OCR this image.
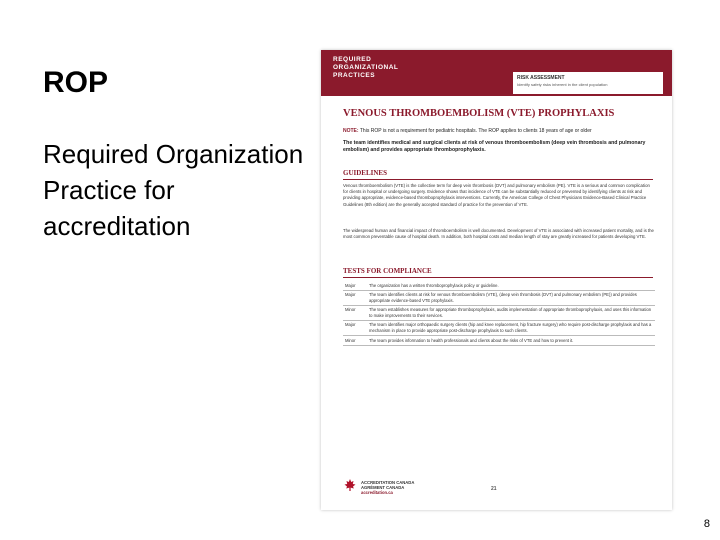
ROP
Required Organization Practice for accreditation
REQUIRED
ORGANIZATIONAL
PRACTICES	RISK ASSESSMENT
Identify safety risks inherent in the client population
VENOUS THROMBOEMBOLISM (VTE) PROPHYLAXIS
NOTE: This ROP is not a requirement for pediatric hospitals. The ROP applies to clients 18 years of age or older
The team identifies medical and surgical clients at risk of venous thromboembolism (deep vein thrombosis and pulmonary embolism) and provides appropriate thromboprophylaxis.
GUIDELINES
Venous thromboembolism (VTE) is the collective term for deep vein thrombosis (DVT) and pulmonary embolism (PE). VTE is a serious and common complication for clients in hospital or undergoing surgery. Evidence shows that incidence of VTE can be substantially reduced or prevented by identifying clients at risk and providing appropriate, evidence-based thromboprophylaxis interventions. Currently, the American College of Chest Physicians Evidence-Based Clinical Practice Guidelines (8th edition) are the generally accepted standard of practice for the prevention of VTE.
The widespread human and financial impact of thromboembolism is well documented. Development of VTE is associated with increased patient mortality, and is the most common preventable cause of hospital death. In addition, both hospital costs and median length of stay are greatly increased for patients developing VTE.
TESTS FOR COMPLIANCE
Major	The organization has a written thromboprophylaxis policy or guideline.
Major	The team identifies clients at risk for venous thromboembolism (VTE), (deep vein thrombosis (DVT) and pulmonary embolism (PE)) and provides appropriate evidence-based VTE prophylaxis.
Minor	The team establishes measures for appropriate thromboprophylaxis, audits implementation of appropriate thromboprophylaxis, and uses this information to make improvements to their services.
Major	The team identifies major orthopaedic surgery clients (hip and knee replacement, hip fracture surgery) who require post-discharge prophylaxis and has a mechanism in place to provide appropriate post-discharge prophylaxis to such clients.
Minor	The team provides information to health professionals and clients about the risks of VTE and how to prevent it.
ACCREDITATION CANADA
AGRÉMENT CANADA
accreditation.ca
21
8
